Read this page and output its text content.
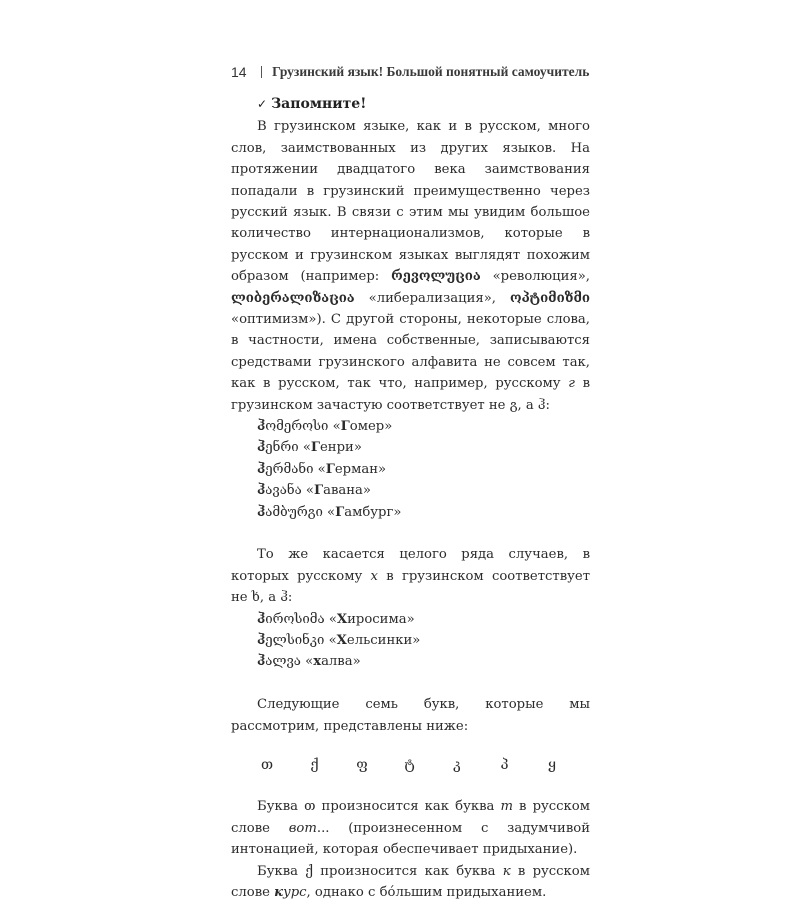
14 Грузинский язык! Большой понятный самоучитель
✓ Запомните!

В грузинском языке, как и в русском, много слов, заимствованных из других языков. На протяжении двадцатого века заимствования попадали в грузинский преимущественно через русский язык. В связи с этим мы увидим большое количество интернационализмов, которые в русском и грузинском языках выглядят похожим образом (например: რევოლუცია «революция», ლიბერალიზაცია «либерализация», ოპტიმიზმი «оптимизм»). С другой стороны, некоторые слова, в частности, имена собственные, записываются средствами грузинского алфавита не совсем так, как в русском, так что, например, русскому г в грузинском зачастую соответствует не გ, а ჰ:

ჰომეროსი «Гомер»
ჰენრი «Генри»
ჰერმანი «Герман»
ჰავანა «Гавана»
ჰამბურგი «Гамбург»

То же касается целого ряда случаев, в которых русскому х в грузинском соответствует не ხ, а ჰ:

ჰიროსიმა «Хиросима»
ჰელსინკი «Хельсинки»
ჰალვა «халва»

Следующие семь букв, которые мы рассмотрим, представлены ниже:

თ	ქ	ფ	ტ	კ	პ	ყ

Буква თ произносится как буква т в русском слове вот... (произнесенном с задумчивой интонацией, которая обеспечивает придыхание).

Буква ქ произносится как буква к в русском слове курс, однако с бóльшим придыханием.
